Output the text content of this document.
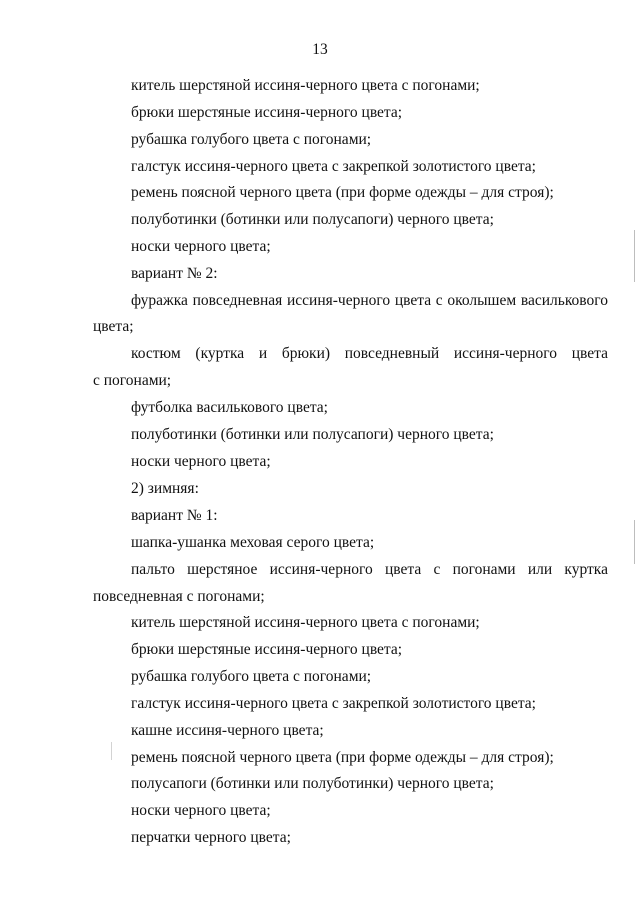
13
китель шерстяной иссиня-черного цвета с погонами;
брюки шерстяные иссиня-черного цвета;
рубашка голубого цвета с погонами;
галстук иссиня-черного цвета с закрепкой золотистого цвета;
ремень поясной черного цвета (при форме одежды – для строя);
полуботинки (ботинки или полусапоги) черного цвета;
носки черного цвета;
вариант № 2:
фуражка повседневная иссиня-черного цвета с околышем василькового
цвета;
костюм (куртка и брюки) повседневный иссиня-черного цвета
с погонами;
футболка василькового цвета;
полуботинки (ботинки или полусапоги) черного цвета;
носки черного цвета;
2) зимняя:
вариант № 1:
шапка-ушанка меховая серого цвета;
пальто шерстяное иссиня-черного цвета с погонами или куртка
повседневная с погонами;
китель шерстяной иссиня-черного цвета с погонами;
брюки шерстяные иссиня-черного цвета;
рубашка голубого цвета с погонами;
галстук иссиня-черного цвета с закрепкой золотистого цвета;
кашне иссиня-черного цвета;
ремень поясной черного цвета (при форме одежды – для строя);
полусапоги (ботинки или полуботинки) черного цвета;
носки черного цвета;
перчатки черного цвета;
